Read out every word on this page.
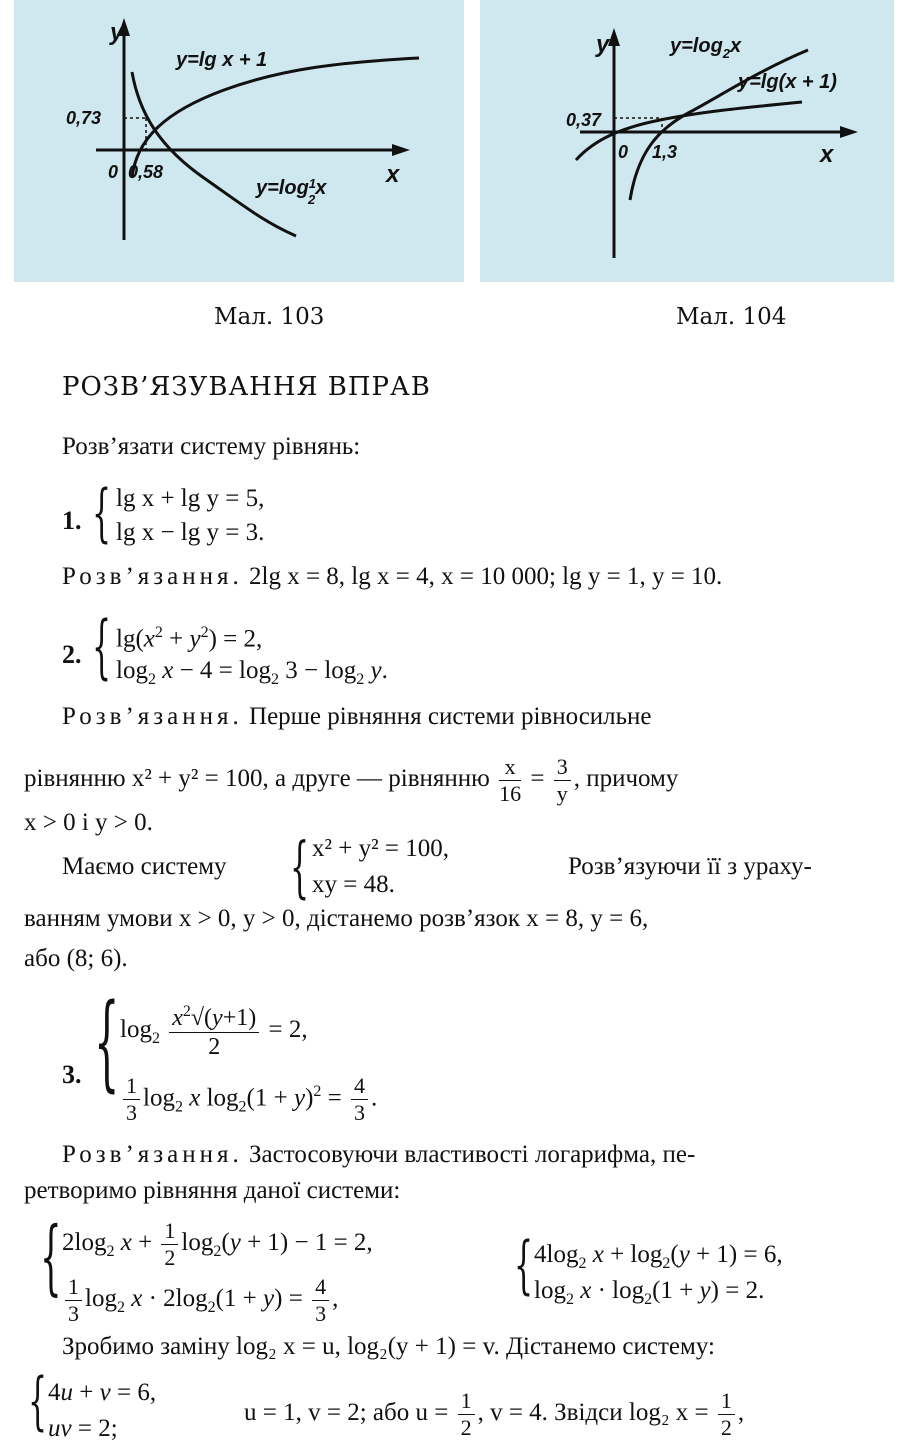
y
x
0 0,58
0,73
y=lg x + 1
$y=\log^1$ 2x
y
x
0 1,3
0,37
$y=\log_2x$
y=lg(x + 1)
Мал. 103	Мал. 104
РОЗВ’ЯЗУВАННЯ ВПРАВ
Розв’язати систему рівнянь:
1. { lg x + lg y = 5,
lg x − lg y = 3.
Розв’язання. 2lg x = 8, lg x = 4, x = 10 000; lg y = 1, y = 10.
2. { $\lg(x^2 + y^2) = 2$,
$\log_2 x - 4 = \log_2 3 - \log_2 y$.
Розв’язання. Перше рівняння системи рівносильне
рівнянню x² + y² = 100, а друге — рівнянню $\frac{x}{16} = \frac{3}{y}$ , причому
x > 0 і y > 0.
Маємо систему	{ x² + y² = 100,
xy = 48.
Розв’язуючи її з ураху-
ванням умови x > 0, y > 0, дістанемо розв’язок x = 8, y = 6,
або (8; 6).
3. { $\log_2 \frac{x^2√(y+1)}{2} = 2$,
$\frac{1}{3} \log_2 x$ $\log_2(1 + y)^2 = \frac{4}{3}$ .
Розв’язання. Застосовуючи властивості логарифма, пе-
ретворимо рівняння даної системи:
{ $2\log_2$ $x + \frac{1}{2} \log_2(y + 1) - 1 = 2$,
$\frac{1}{3} \log_2 x \cdot 2\log_2(1 + y) = \frac{4}{3}$ ,	{ $4\log_2$ $x + \log_2(y + 1) = 6$,
$\log_2 x \cdot \log_2(1 + y) = 2$.
Зробимо заміну log₂ x = u, log₂(y + 1) = v. Дістанемо систему:
{ 4u + v = 6,
uv = 2;
u = 1, v = 2; або $u = \frac{1}{2}$ , v = 4. Звідси log₂ $x = \frac{1}{2}$ ,
